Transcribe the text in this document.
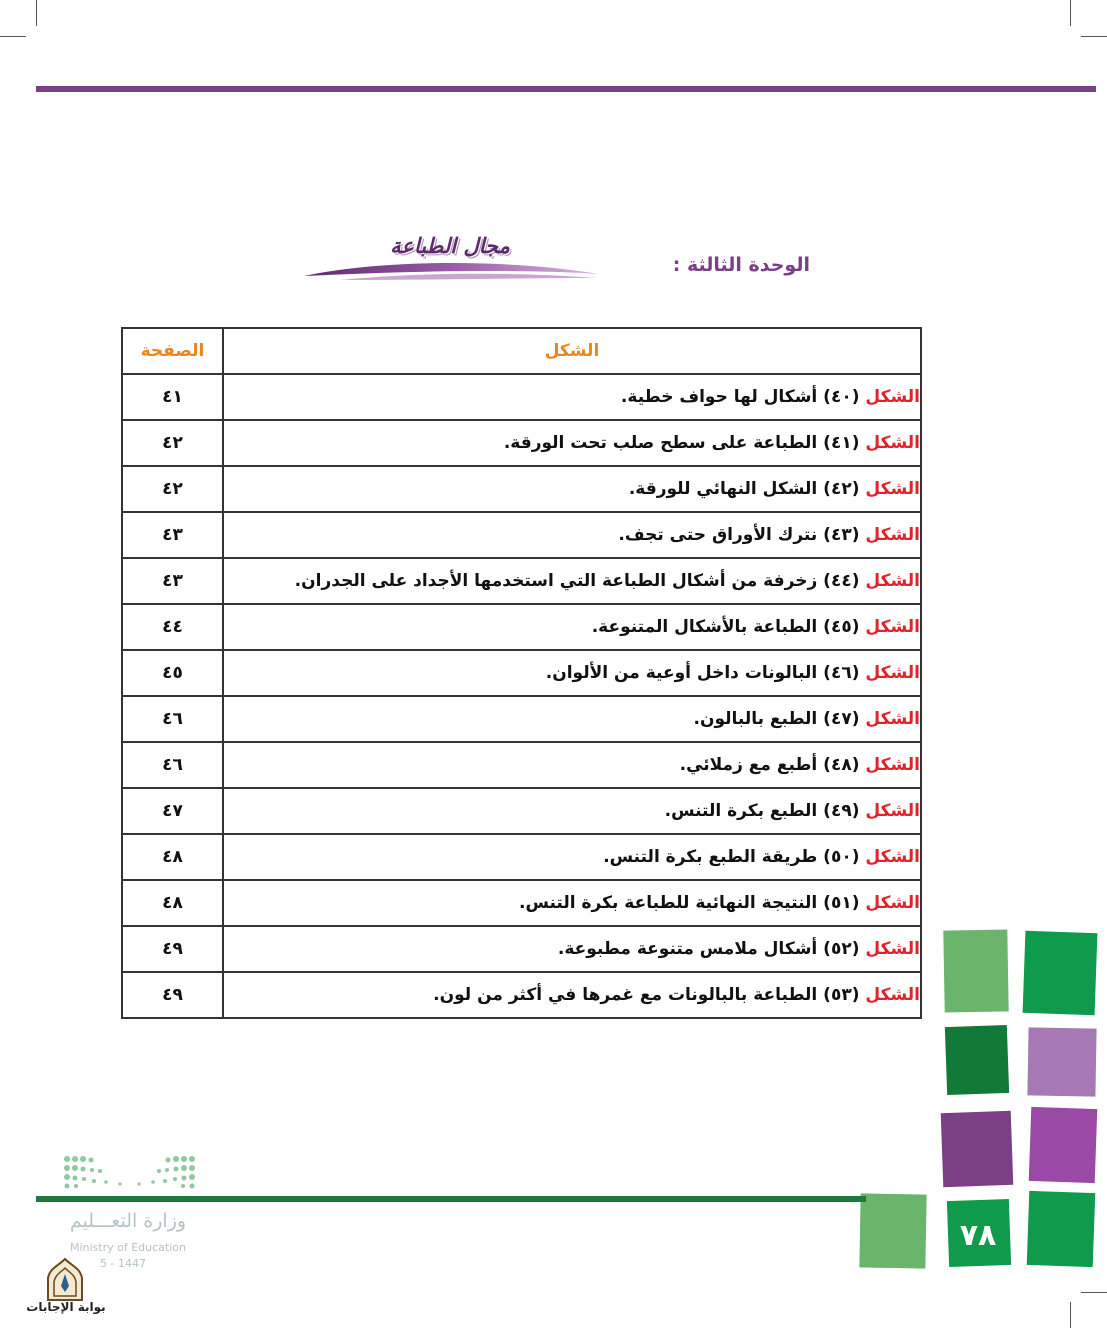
الوحدة الثالثة :
مجال الطباعة
الشكل	الصفحة
الشكل (٤٠) أشكال لها حواف خطية.	٤١
الشكل (٤١) الطباعة على سطح صلب تحت الورقة.	٤٢
الشكل (٤٢) الشكل النهائي للورقة.	٤٢
الشكل (٤٣) نترك الأوراق حتى تجف.	٤٣
الشكل (٤٤) زخرفة من أشكال الطباعة التي استخدمها الأجداد على الجدران.	٤٣
الشكل (٤٥) الطباعة بالأشكال المتنوعة.	٤٤
الشكل (٤٦) البالونات داخل أوعية من الألوان.	٤٥
الشكل (٤٧) الطبع بالبالون.	٤٦
الشكل (٤٨) أطبع مع زملائي.	٤٦
الشكل (٤٩) الطبع بكرة التنس.	٤٧
الشكل (٥٠) طريقة الطبع بكرة التنس.	٤٨
الشكل (٥١) النتيجة النهائية للطباعة بكرة التنس.	٤٨
الشكل (٥٢) أشكال ملامس متنوعة مطبوعة.	٤٩
الشكل (٥٣) الطباعة بالبالونات مع غمرها في أكثر من لون.	٤٩
٧٨
وزارة التعـــليم
Ministry of Education
5 - 1447
بوابة الإجابات
